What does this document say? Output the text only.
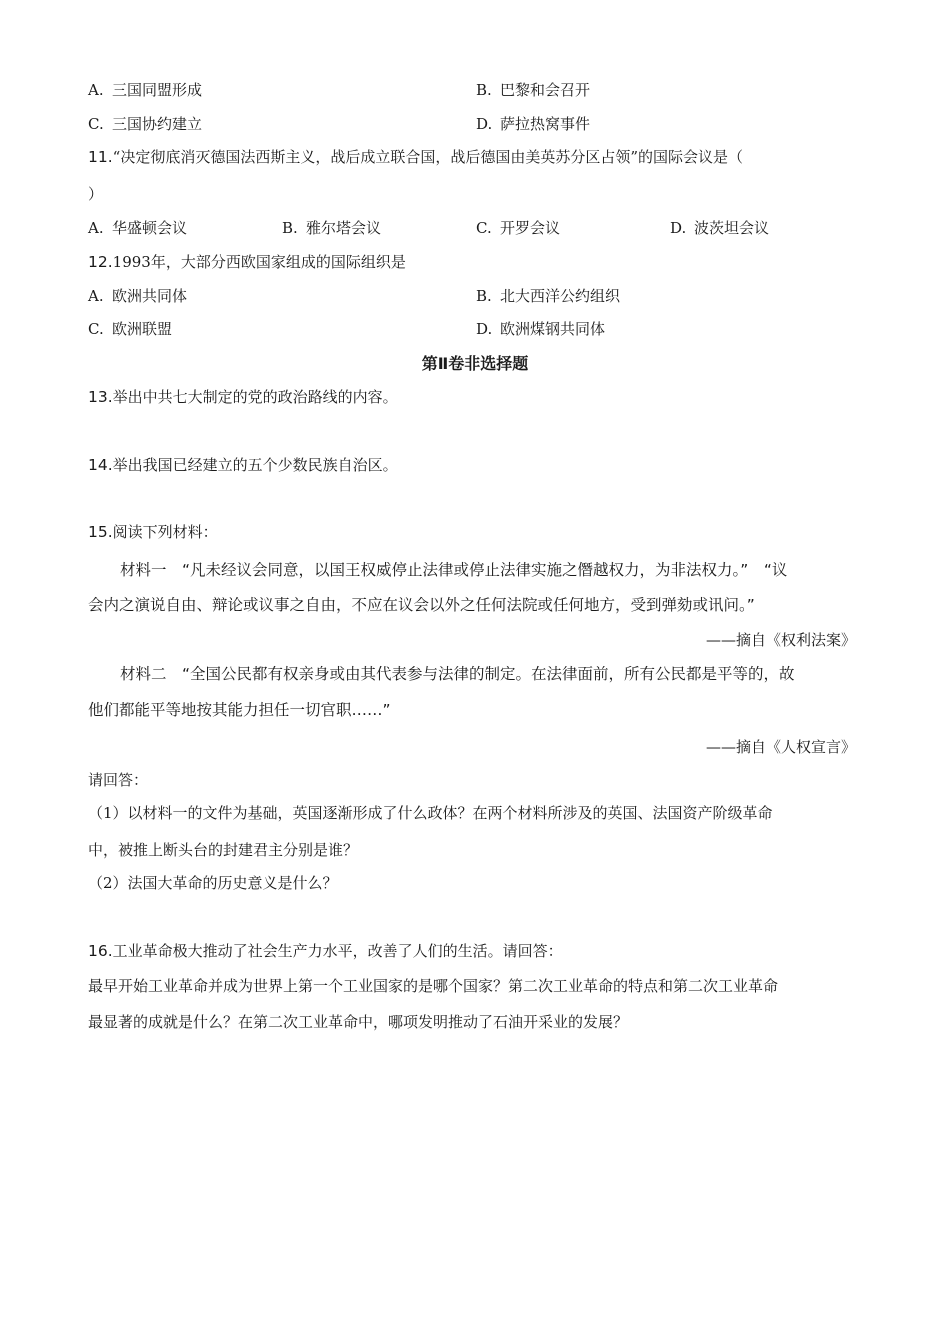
A. 三国同盟形成	B. 巴黎和会召开
C. 三国协约建立	D. 萨拉热窝事件
11.“决定彻底消灭德国法西斯主义，战后成立联合国，战后德国由美英苏分区占领”的国际会议是（
）
A. 华盛顿会议	B. 雅尔塔会议	C. 开罗会议	D. 波茨坦会议
12.1993年，大部分西欧国家组成的国际组织是
A. 欧洲共同体	B. 北大西洋公约组织
C. 欧洲联盟	D. 欧洲煤钢共同体
第Ⅱ卷非选择题
13.举出中共七大制定的党的政治路线的内容。
14.举出我国已经建立的五个少数民族自治区。
15.阅读下列材料：
材料一　“凡未经议会同意，以国王权威停止法律或停止法律实施之僭越权力，为非法权力。”　“议
会内之演说自由、辩论或议事之自由，不应在议会以外之任何法院或任何地方，受到弹劾或讯问。”
——摘自《权利法案》
材料二　“全国公民都有权亲身或由其代表参与法律的制定。在法律面前，所有公民都是平等的，故
他们都能平等地按其能力担任一切官职……”
——摘自《人权宣言》
请回答：
（1）以材料一的文件为基础，英国逐渐形成了什么政体？在两个材料所涉及的英国、法国资产阶级革命
中，被推上断头台的封建君主分别是谁？
（2）法国大革命的历史意义是什么？
16.工业革命极大推动了社会生产力水平，改善了人们的生活。请回答：
最早开始工业革命并成为世界上第一个工业国家的是哪个国家？第二次工业革命的特点和第二次工业革命
最显著的成就是什么？在第二次工业革命中，哪项发明推动了石油开采业的发展？
